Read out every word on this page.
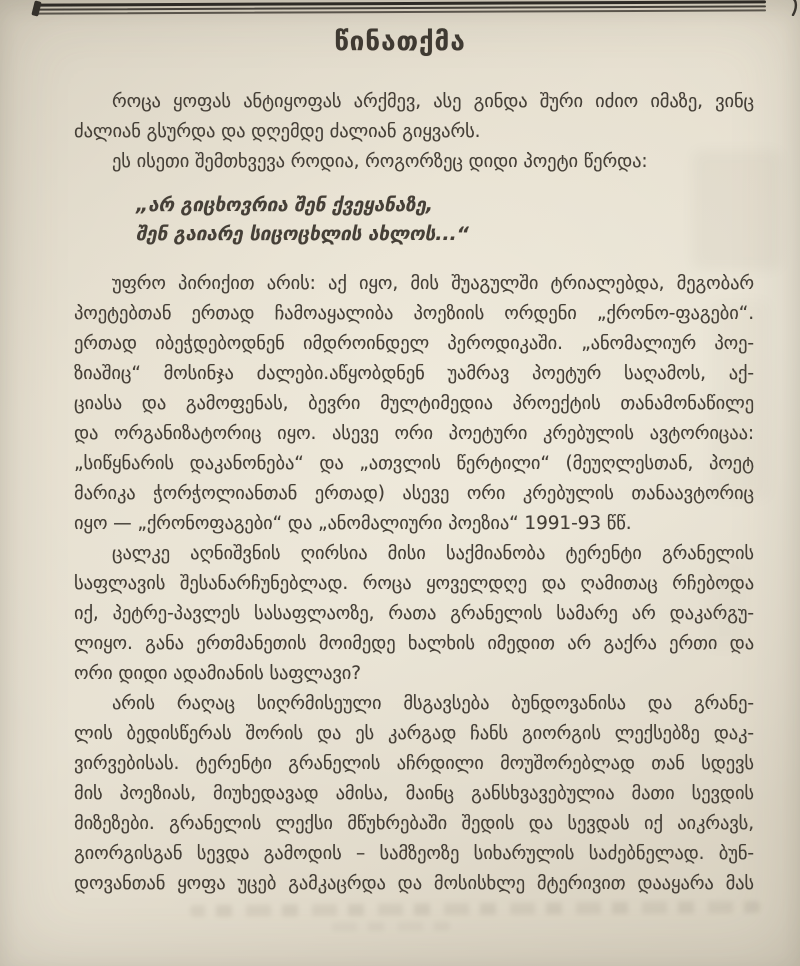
წინათქმა
როცა ყოფას ანტიყოფას არქმევ, ასე გინდა შური იძიო იმაზე, ვინც
ძალიან გსურდა და დღემდე ძალიან გიყვარს.
ეს ისეთი შემთხვევა როდია, როგორზეც დიდი პოეტი წერდა:
„არ გიცხოვრია შენ ქვეყანაზე,
შენ გაიარე სიცოცხლის ახლოს...“
უფრო პირიქით არის: აქ იყო, მის შუაგულში ტრიალებდა, მეგობარ
პოეტებთან ერთად ჩამოაყალიბა პოეზიის ორდენი „ქრონო-ფაგები“.
ერთად იბეჭდებოდნენ იმდროინდელ პეროდიკაში. „ანომალიურ პოე-
ზიაშიც“ მოსინჯა ძალები.აწყობდნენ უამრავ პოეტურ საღამოს, აქ-
ციასა და გამოფენას, ბევრი მულტიმედია პროექტის თანამონაწილე
და ორგანიზატორიც იყო. ასევე ორი პოეტური კრებულის ავტორიცაა:
„სიწყნარის დაკანონება“ და „ათვლის წერტილი“ (მეუღლესთან, პოეტ
მარიკა ჭორჭოლიანთან ერთად) ასევე ორი კრებულის თანაავტორიც
იყო — „ქრონოფაგები“ და „ანომალიური პოეზია“ 1991-93 წწ.
ცალკე აღნიშვნის ღირსია მისი საქმიანობა ტერენტი გრანელის
საფლავის შესანარჩუნებლად. როცა ყოველდღე და ღამითაც რჩებოდა
იქ, პეტრე-პავლეს სასაფლაოზე, რათა გრანელის სამარე არ დაკარგუ-
ლიყო. განა ერთმანეთის მოიმედე ხალხის იმედით არ გაქრა ერთი და
ორი დიდი ადამიანის საფლავი?
არის რაღაც სიღრმისეული მსგავსება ბუნდოვანისა და გრანე-
ლის ბედისწერას შორის და ეს კარგად ჩანს გიორგის ლექსებზე დაკ-
ვირვებისას. ტერენტი გრანელის აჩრდილი მოუშორებლად თან სდევს
მის პოეზიას, მიუხედავად ამისა, მაინც განსხვავებულია მათი სევდის
მიზეზები. გრანელის ლექსი მწუხრებაში შედის და სევდას იქ აიკრავს,
გიორგისგან სევდა გამოდის – სამზეოზე სიხარულის საძებნელად. ბუნ-
დოვანთან ყოფა უცებ გამკაცრდა და მოსისხლე მტერივით დააყარა მას
